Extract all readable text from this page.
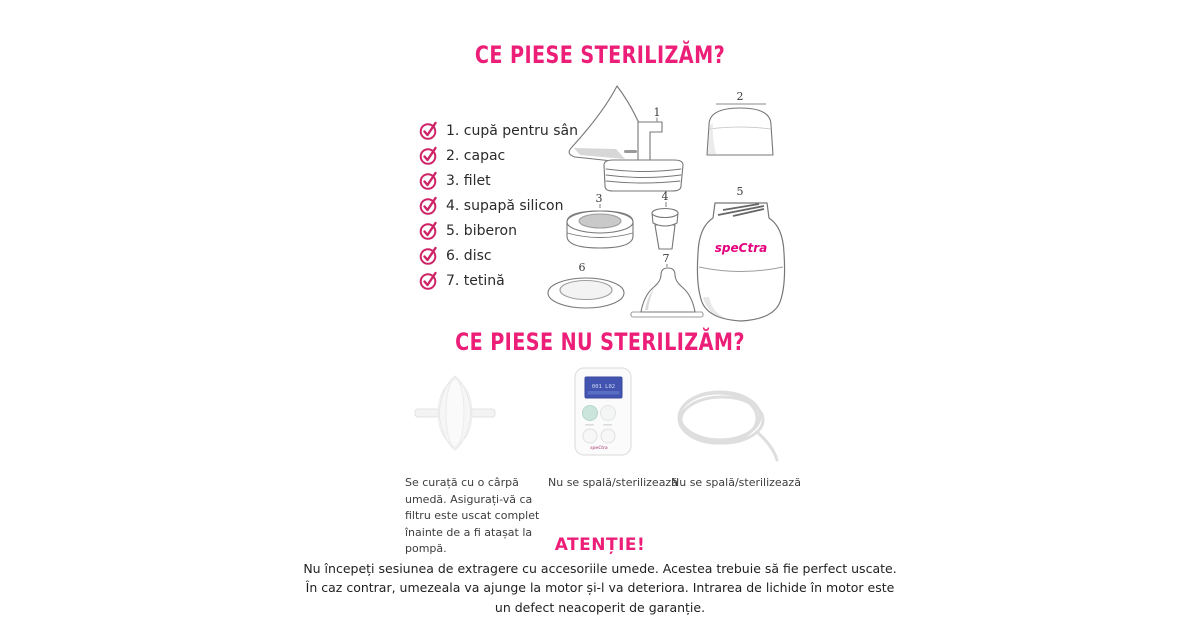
CE PIESE STERILIZĂM?
1. cupă pentru sân
2. capac
3. filet
4. supapă silicon
5. biberon
6. disc
7. tetină
1
2
3	4
speCtra
5
6
7
CE PIESE NU STERILIZĂM?
001 L02
speCtra

Se curață cu o cârpă umedă. Asigurați-vă ca filtru este uscat complet înainte de a fi atașat la pompă.

Nu se spală/sterilizează

Nu se spală/sterilizează

ATENȚIE!

Nu începeți sesiunea de extragere cu accesoriile umede. Acestea trebuie să fie perfect uscate. În caz contrar, umezeala va ajunge la motor și-l va deteriora. Intrarea de lichide în motor este un defect neacoperit de garanție.
